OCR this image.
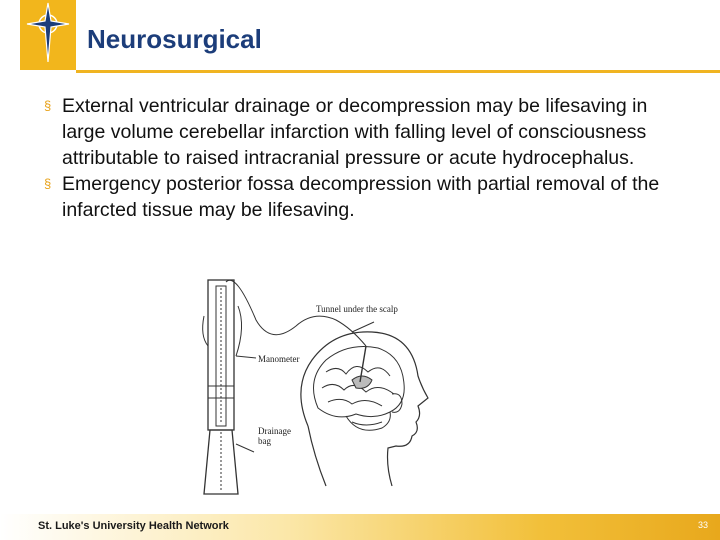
Neurosurgical
§ External ventricular drainage or decompression may be lifesaving in large volume cerebellar infarction with falling level of consciousness attributable to raised intracranial pressure or acute hydrocephalus.
§ Emergency posterior fossa decompression with partial removal of the infarcted tissue may be lifesaving.
Tunnel under the scalp
Manometer
Drainage
bag
St. Luke's University Health Network	33
